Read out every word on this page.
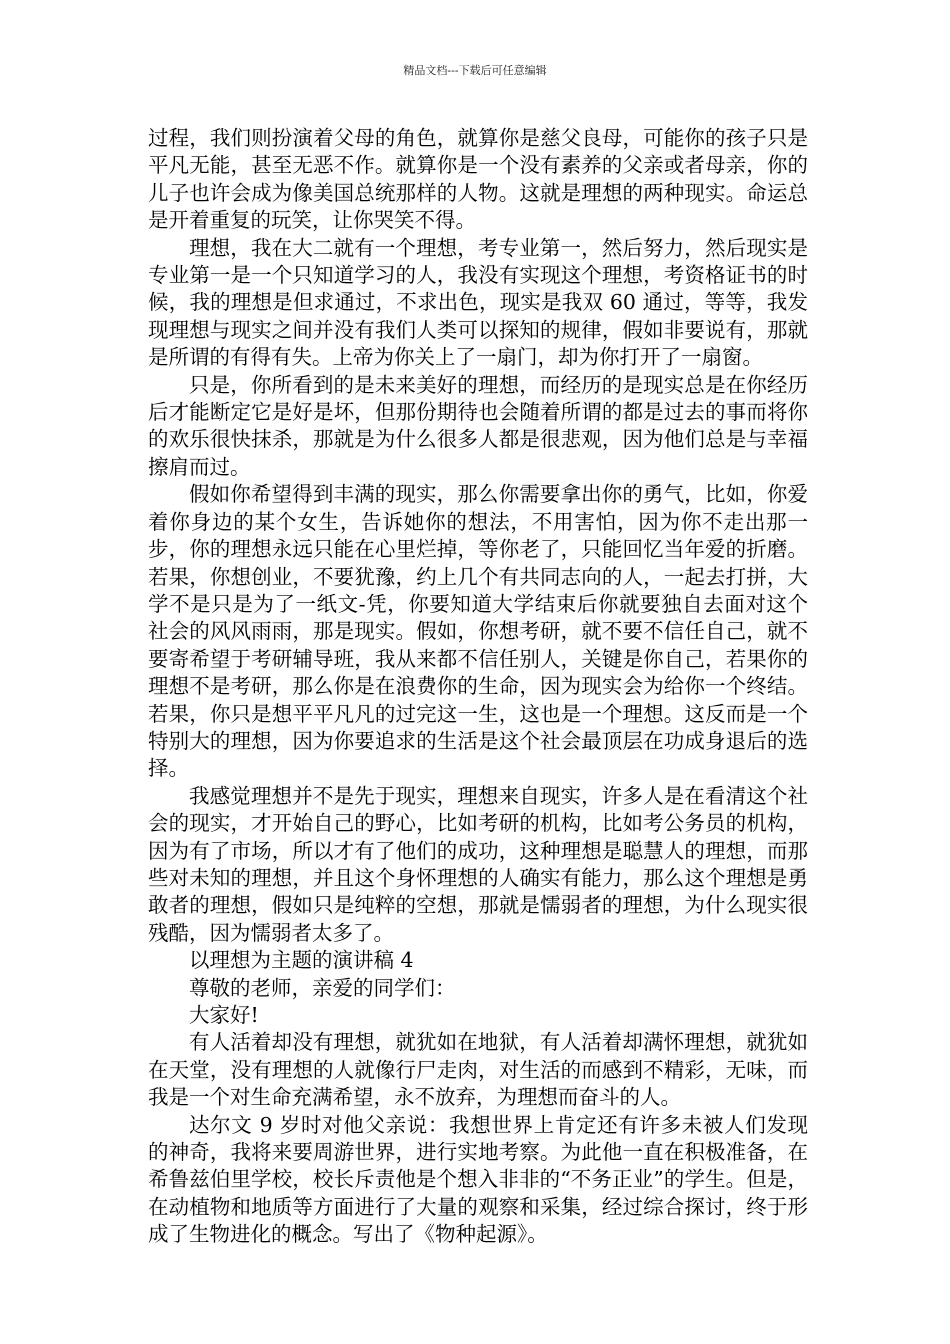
精品文档---下载后可任意编辑

过程，我们则扮演着父母的角色，就算你是慈父良母，可能你的孩子只是平凡无能，甚至无恶不作。就算你是一个没有素养的父亲或者母亲，你的儿子也许会成为像美国总统那样的人物。这就是理想的两种现实。命运总是开着重复的玩笑，让你哭笑不得。

理想，我在大二就有一个理想，考专业第一，然后努力，然后现实是专业第一是一个只知道学习的人，我没有实现这个理想，考资格证书的时候，我的理想是但求通过，不求出色，现实是我双 60 通过，等等，我发现理想与现实之间并没有我们人类可以探知的规律，假如非要说有，那就是所谓的有得有失。上帝为你关上了一扇门，却为你打开了一扇窗。

只是，你所看到的是未来美好的理想，而经历的是现实总是在你经历后才能断定它是好是坏，但那份期待也会随着所谓的都是过去的事而将你的欢乐很快抹杀，那就是为什么很多人都是很悲观，因为他们总是与幸福擦肩而过。

假如你希望得到丰满的现实，那么你需要拿出你的勇气，比如，你爱着你身边的某个女生，告诉她你的想法，不用害怕，因为你不走出那一步，你的理想永远只能在心里烂掉，等你老了，只能回忆当年爱的折磨。若果，你想创业，不要犹豫，约上几个有共同志向的人，一起去打拼，大学不是只是为了一纸文-凭，你要知道大学结束后你就要独自去面对这个社会的风风雨雨，那是现实。假如，你想考研，就不要不信任自己，就不要寄希望于考研辅导班，我从来都不信任别人，关键是你自己，若果你的理想不是考研，那么你是在浪费你的生命，因为现实会为给你一个终结。若果，你只是想平平凡凡的过完这一生，这也是一个理想。这反而是一个特别大的理想，因为你要追求的生活是这个社会最顶层在功成身退后的选择。

我感觉理想并不是先于现实，理想来自现实，许多人是在看清这个社会的现实，才开始自己的野心，比如考研的机构，比如考公务员的机构，因为有了市场，所以才有了他们的成功，这种理想是聪慧人的理想，而那些对未知的理想，并且这个身怀理想的人确实有能力，那么这个理想是勇敢者的理想，假如只是纯粹的空想，那就是懦弱者的理想，为什么现实很残酷，因为懦弱者太多了。

以理想为主题的演讲稿 4

尊敬的老师，亲爱的同学们：

大家好!

有人活着却没有理想，就犹如在地狱，有人活着却满怀理想，就犹如在天堂，没有理想的人就像行尸走肉，对生活的而感到不精彩，无味，而我是一个对生命充满希望，永不放弃，为理想而奋斗的人。

达尔文 9 岁时对他父亲说：我想世界上肯定还有许多未被人们发现的神奇，我将来要周游世界，进行实地考察。为此他一直在积极准备，在希鲁兹伯里学校，校长斥责他是个想入非非的“不务正业”的学生。但是，在动植物和地质等方面进行了大量的观察和采集，经过综合探讨，终于形成了生物进化的概念。写出了《物种起源》。
